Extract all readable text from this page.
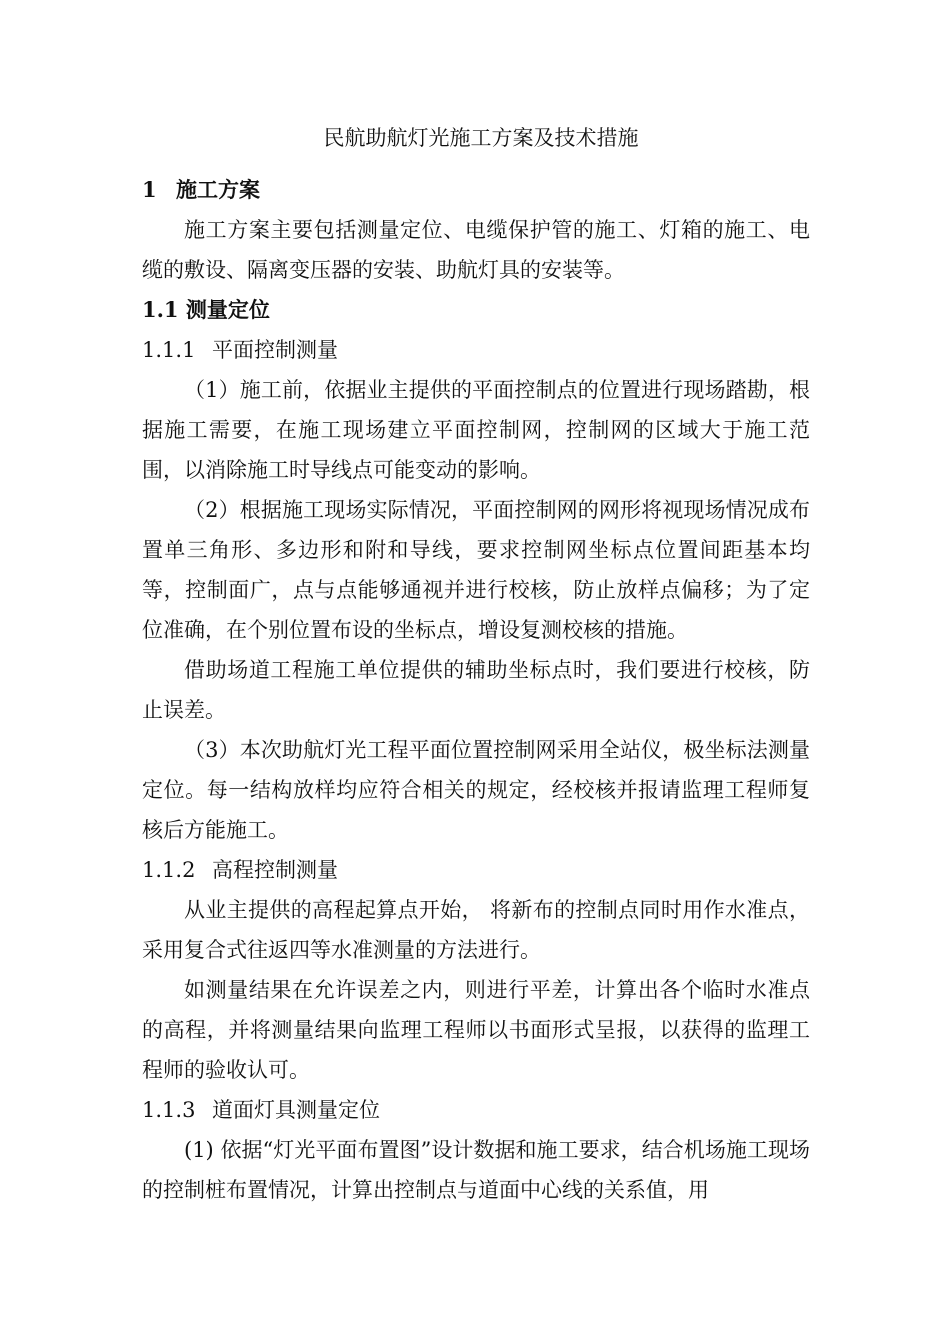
民航助航灯光施工方案及技术措施

1 施工方案

施工方案主要包括测量定位、电缆保护管的施工、灯箱的施工、电缆的敷设、隔离变压器的安装、助航灯具的安装等。

1.1 测量定位

1.1.1 平面控制测量

（1）施工前，依据业主提供的平面控制点的位置进行现场踏勘，根据施工需要，在施工现场建立平面控制网，控制网的区域大于施工范围，以消除施工时导线点可能变动的影响。

（2）根据施工现场实际情况，平面控制网的网形将视现场情况成布置单三角形、多边形和附和导线，要求控制网坐标点位置间距基本均等，控制面广，点与点能够通视并进行校核，防止放样点偏移；为了定位准确，在个别位置布设的坐标点，增设复测校核的措施。

借助场道工程施工单位提供的辅助坐标点时，我们要进行校核，防止误差。

（3）本次助航灯光工程平面位置控制网采用全站仪，极坐标法测量定位。每一结构放样均应符合相关的规定，经校核并报请监理工程师复核后方能施工。

1.1.2 高程控制测量

从业主提供的高程起算点开始， 将新布的控制点同时用作水准点，采用复合式往返四等水准测量的方法进行。

如测量结果在允许误差之内，则进行平差，计算出各个临时水准点的高程，并将测量结果向监理工程师以书面形式呈报，以获得的监理工程师的验收认可。

1.1.3 道面灯具测量定位

(1) 依据“灯光平面布置图”设计数据和施工要求，结合机场施工现场的控制桩布置情况，计算出控制点与道面中心线的关系值，用
